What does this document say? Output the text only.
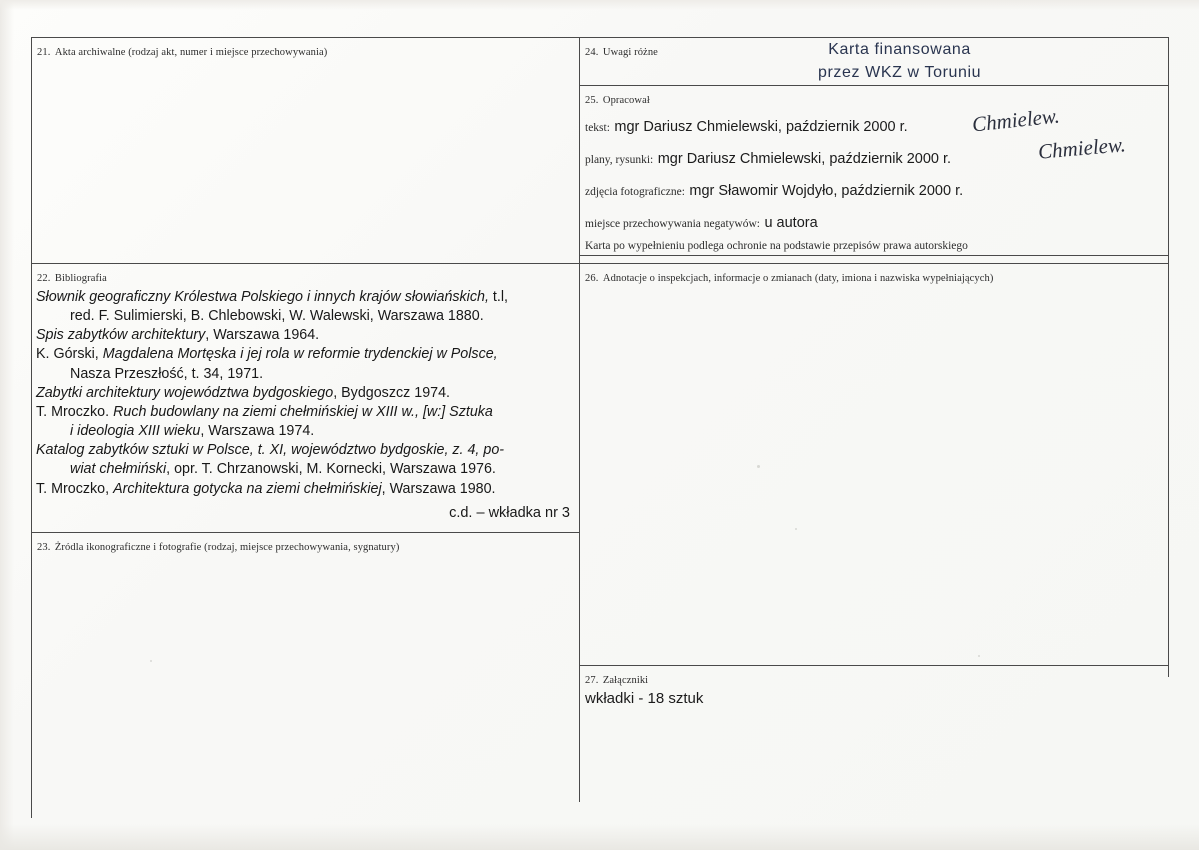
21. Akta archiwalne (rodzaj akt, numer i miejsce przechowywania)
22. Bibliografia
23. Żródla ikonograficzne i fotografie (rodzaj, miejsce przechowywania, sygnatury)
24. Uwagi różne
25. Opracował
26. Adnotacje o inspekcjach, informacje o zmianach (daty, imiona i nazwiska wypełniających)
27. Załączniki
Karta finansowana
przez WKZ w Toruniu
tekst: mgr Dariusz Chmielewski, październik 2000 r.
plany, rysunki: mgr Dariusz Chmielewski, październik 2000 r.
zdjęcia fotograficzne: mgr Sławomir Wojdyło, październik 2000 r.
miejsce przechowywania negatywów: u autora
Chmielew.
Chmielew.
Karta po wypełnieniu podlega ochronie na podstawie przepisów prawa autorskiego
Słownik geograficzny Królestwa Polskiego i innych krajów słowiańskich, t.l,
red. F. Sulimierski, B. Chlebowski, W. Walewski, Warszawa 1880.
Spis zabytków architektury, Warszawa 1964.
K. Górski, Magdalena Mortęska i jej rola w reformie trydenckiej w Polsce,
Nasza Przeszłość, t. 34, 1971.
Zabytki architektury województwa bydgoskiego, Bydgoszcz 1974.
T. Mroczko. Ruch budowlany na ziemi chełmińskiej w XIII w., [w:] Sztuka
i ideologia XIII wieku, Warszawa 1974.
Katalog zabytków sztuki w Polsce, t. XI, województwo bydgoskie, z. 4, po-
wiat chełmiński, opr. T. Chrzanowski, M. Kornecki, Warszawa 1976.
T. Mroczko, Architektura gotycka na ziemi chełmińskiej, Warszawa 1980.
c.d. – wkładka nr 3
wkładki - 18 sztuk
